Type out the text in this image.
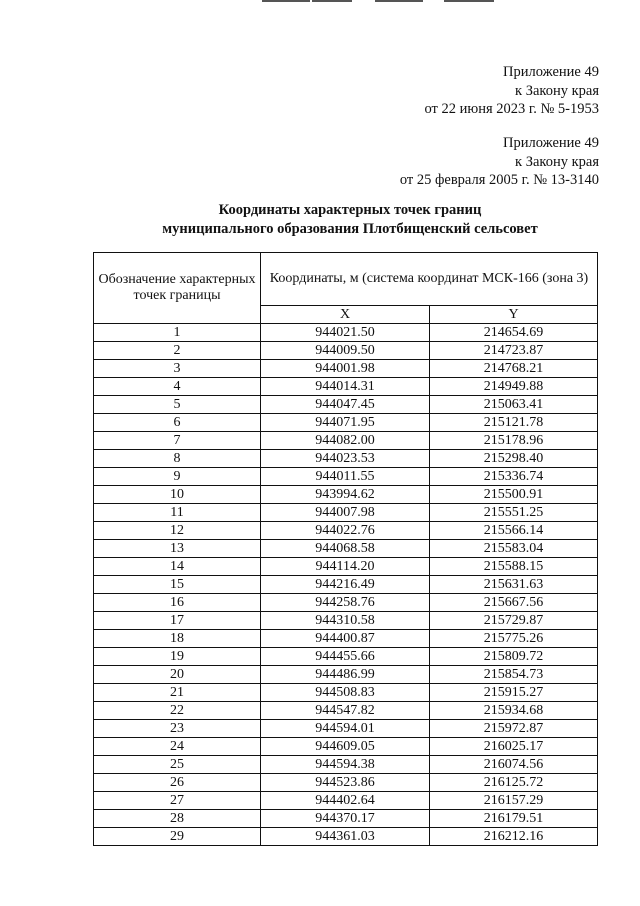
Приложение 49
к Закону края
от 22 июня 2023 г. № 5-1953
Приложение 49
к Закону края
от 25 февраля 2005 г. № 13-3140
Координаты характерных точек границ
муниципального образования Плотбищенский сельсовет
Обозначение характерных точек границы	Координаты, м (система координат МСК-166 (зона 3)	
	X	Y
1	944021.50	214654.69
2	944009.50	214723.87
3	944001.98	214768.21
4	944014.31	214949.88
5	944047.45	215063.41
6	944071.95	215121.78
7	944082.00	215178.96
8	944023.53	215298.40
9	944011.55	215336.74
10	943994.62	215500.91
11	944007.98	215551.25
12	944022.76	215566.14
13	944068.58	215583.04
14	944114.20	215588.15
15	944216.49	215631.63
16	944258.76	215667.56
17	944310.58	215729.87
18	944400.87	215775.26
19	944455.66	215809.72
20	944486.99	215854.73
21	944508.83	215915.27
22	944547.82	215934.68
23	944594.01	215972.87
24	944609.05	216025.17
25	944594.38	216074.56
26	944523.86	216125.72
27	944402.64	216157.29
28	944370.17	216179.51
29	944361.03	216212.16
